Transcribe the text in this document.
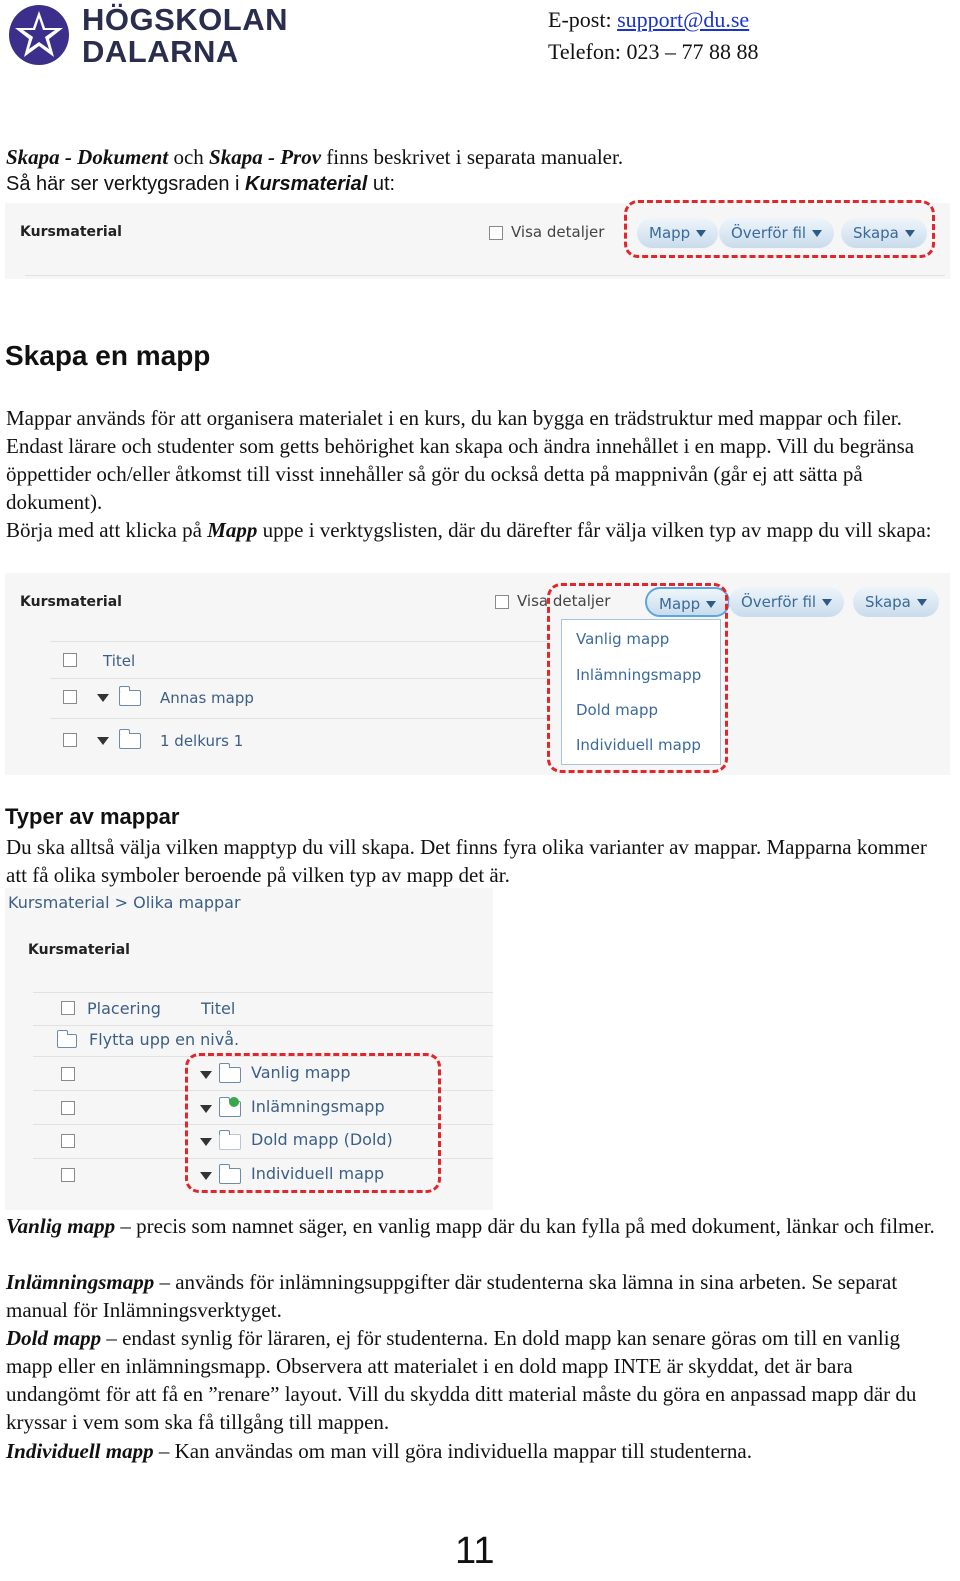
HÖGSKOLAN
DALARNA
E-post: support@du.se
Telefon: 023 – 77 88 88
Skapa - Dokument och Skapa - Prov finns beskrivet i separata manualer.
Så här ser verktygsraden i Kursmaterial ut:
Kursmaterial	Visa detaljer	Mapp	Överför fil	Skapa
Skapa en mapp
Mappar används för att organisera materialet i en kurs, du kan bygga en trädstruktur med mappar och filer. Endast lärare och studenter som getts behörighet kan skapa och ändra innehållet i en mapp. Vill du begränsa öppettider och/eller åtkomst till visst innehåller så gör du också detta på mappnivån (går ej att sätta på dokument).
Börja med att klicka på Mapp uppe i verktygslisten, där du därefter får välja vilken typ av mapp du vill skapa:
Kursmaterial	Visa detaljer	Mapp	Överför fil	Skapa
Titel
Annas mapp
1 delkurs 1
Vanlig mapp
Inlämningsmapp
Dold mapp
Individuell mapp
Typer av mappar
Du ska alltså välja vilken mapptyp du vill skapa. Det finns fyra olika varianter av mappar. Mapparna kommer att få olika symboler beroende på vilken typ av mapp det är.
Kursmaterial > Olika mappar
Kursmaterial
Placering	Titel
Flytta upp en nivå.
Vanlig mapp
Inlämningsmapp
Dold mapp (Dold)
Individuell mapp
Vanlig mapp – precis som namnet säger, en vanlig mapp där du kan fylla på med dokument, länkar och filmer.
Inlämningsmapp – används för inlämningsuppgifter där studenterna ska lämna in sina arbeten. Se separat manual för Inlämningsverktyget.
Dold mapp – endast synlig för läraren, ej för studenterna. En dold mapp kan senare göras om till en vanlig mapp eller en inlämningsmapp. Observera att materialet i en dold mapp INTE är skyddat, det är bara undangömt för att få en ”renare” layout. Vill du skydda ditt material måste du göra en anpassad mapp där du kryssar i vem som ska få tillgång till mappen.
Individuell mapp – Kan användas om man vill göra individuella mappar till studenterna.
11
